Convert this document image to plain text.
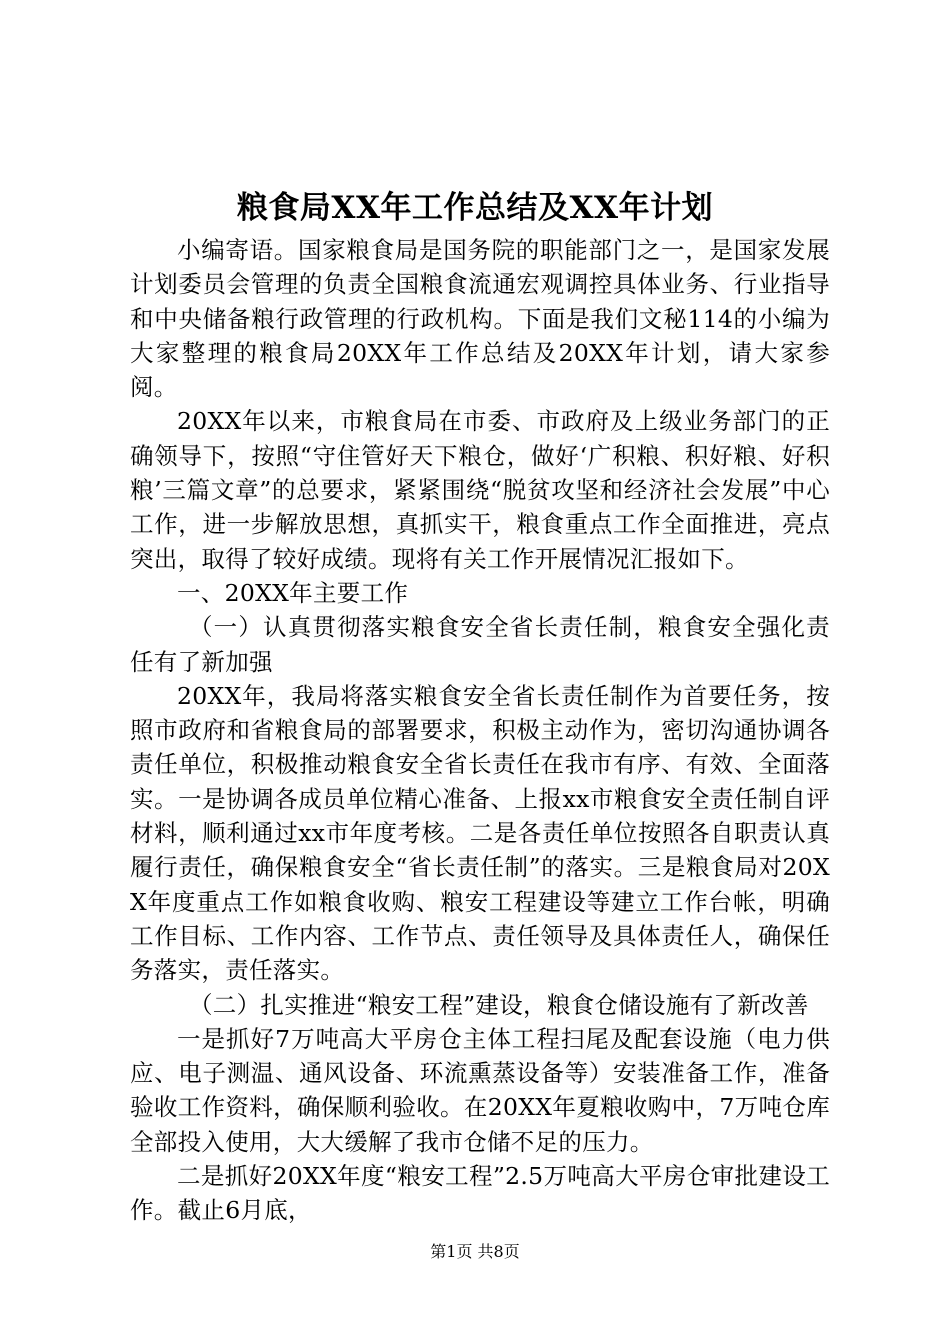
粮食局XX年工作总结及XX年计划

小编寄语。国家粮食局是国务院的职能部门之一，是国家发展计划委员会管理的负责全国粮食流通宏观调控具体业务、行业指导和中央储备粮行政管理的行政机构。下面是我们文秘114的小编为大家整理的粮食局20XX年工作总结及20XX年计划，请大家参阅。

20XX年以来，市粮食局在市委、市政府及上级业务部门的正确领导下，按照“守住管好天下粮仓，做好‘广积粮、积好粮、好积粮’三篇文章”的总要求，紧紧围绕“脱贫攻坚和经济社会发展”中心工作，进一步解放思想，真抓实干，粮食重点工作全面推进，亮点突出，取得了较好成绩。现将有关工作开展情况汇报如下。

一、20XX年主要工作

（一）认真贯彻落实粮食安全省长责任制，粮食安全强化责任有了新加强

20XX年，我局将落实粮食安全省长责任制作为首要任务，按照市政府和省粮食局的部署要求，积极主动作为，密切沟通协调各责任单位，积极推动粮食安全省长责任在我市有序、有效、全面落实。一是协调各成员单位精心准备、上报xx市粮食安全责任制自评材料，顺利通过xx市年度考核。二是各责任单位按照各自职责认真履行责任，确保粮食安全“省长责任制”的落实。三是粮食局对20XX年度重点工作如粮食收购、粮安工程建设等建立工作台帐，明确工作目标、工作内容、工作节点、责任领导及具体责任人，确保任务落实，责任落实。

（二）扎实推进“粮安工程”建设，粮食仓储设施有了新改善

一是抓好7万吨高大平房仓主体工程扫尾及配套设施（电力供应、电子测温、通风设备、环流熏蒸设备等）安装准备工作，准备验收工作资料，确保顺利验收。在20XX年夏粮收购中，7万吨仓库全部投入使用，大大缓解了我市仓储不足的压力。

二是抓好20XX年度“粮安工程”2.5万吨高大平房仓审批建设工作。截止6月底，

第1页 共8页
